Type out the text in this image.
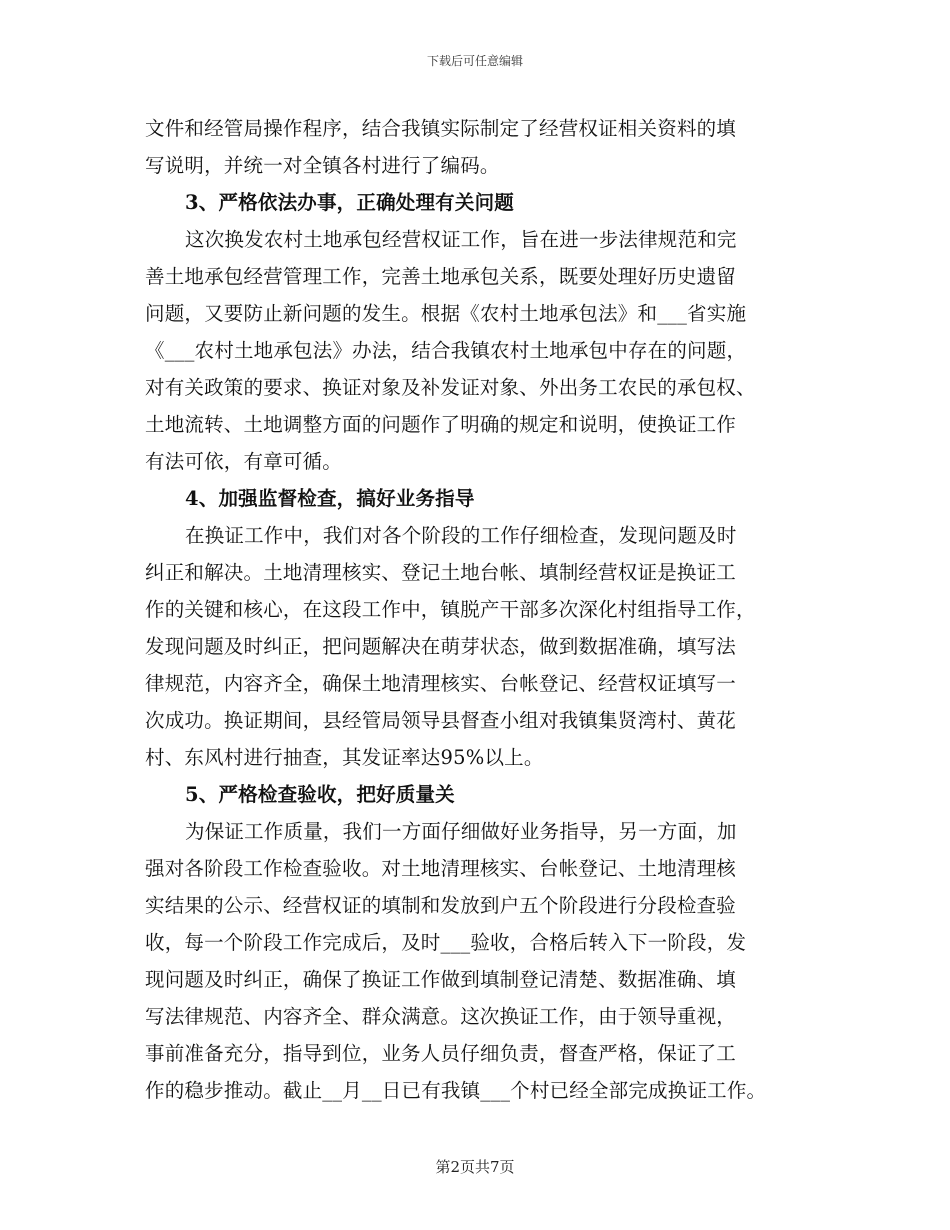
下载后可任意编辑
文件和经管局操作程序，结合我镇实际制定了经营权证相关资料的填
写说明，并统一对全镇各村进行了编码。
3、严格依法办事，正确处理有关问题
这次换发农村土地承包经营权证工作，旨在进一步法律规范和完
善土地承包经营管理工作，完善土地承包关系，既要处理好历史遗留
问题，又要防止新问题的发生。根据《农村土地承包法》和___省实施
《___农村土地承包法》办法，结合我镇农村土地承包中存在的问题，
对有关政策的要求、换证对象及补发证对象、外出务工农民的承包权、
土地流转、土地调整方面的问题作了明确的规定和说明，使换证工作
有法可依，有章可循。
4、加强监督检查，搞好业务指导
在换证工作中，我们对各个阶段的工作仔细检查，发现问题及时
纠正和解决。土地清理核实、登记土地台帐、填制经营权证是换证工
作的关键和核心，在这段工作中，镇脱产干部多次深化村组指导工作，
发现问题及时纠正，把问题解决在萌芽状态，做到数据准确，填写法
律规范，内容齐全，确保土地清理核实、台帐登记、经营权证填写一
次成功。换证期间，县经管局领导县督查小组对我镇集贤湾村、黄花
村、东风村进行抽查，其发证率达95%以上。
5、严格检查验收，把好质量关
为保证工作质量，我们一方面仔细做好业务指导，另一方面，加
强对各阶段工作检查验收。对土地清理核实、台帐登记、土地清理核
实结果的公示、经营权证的填制和发放到户五个阶段进行分段检查验
收，每一个阶段工作完成后，及时___验收，合格后转入下一阶段，发
现问题及时纠正，确保了换证工作做到填制登记清楚、数据准确、填
写法律规范、内容齐全、群众满意。这次换证工作，由于领导重视，
事前准备充分，指导到位，业务人员仔细负责，督查严格，保证了工
作的稳步推动。截止__月__日已有我镇___个村已经全部完成换证工作。
第2页共7页
